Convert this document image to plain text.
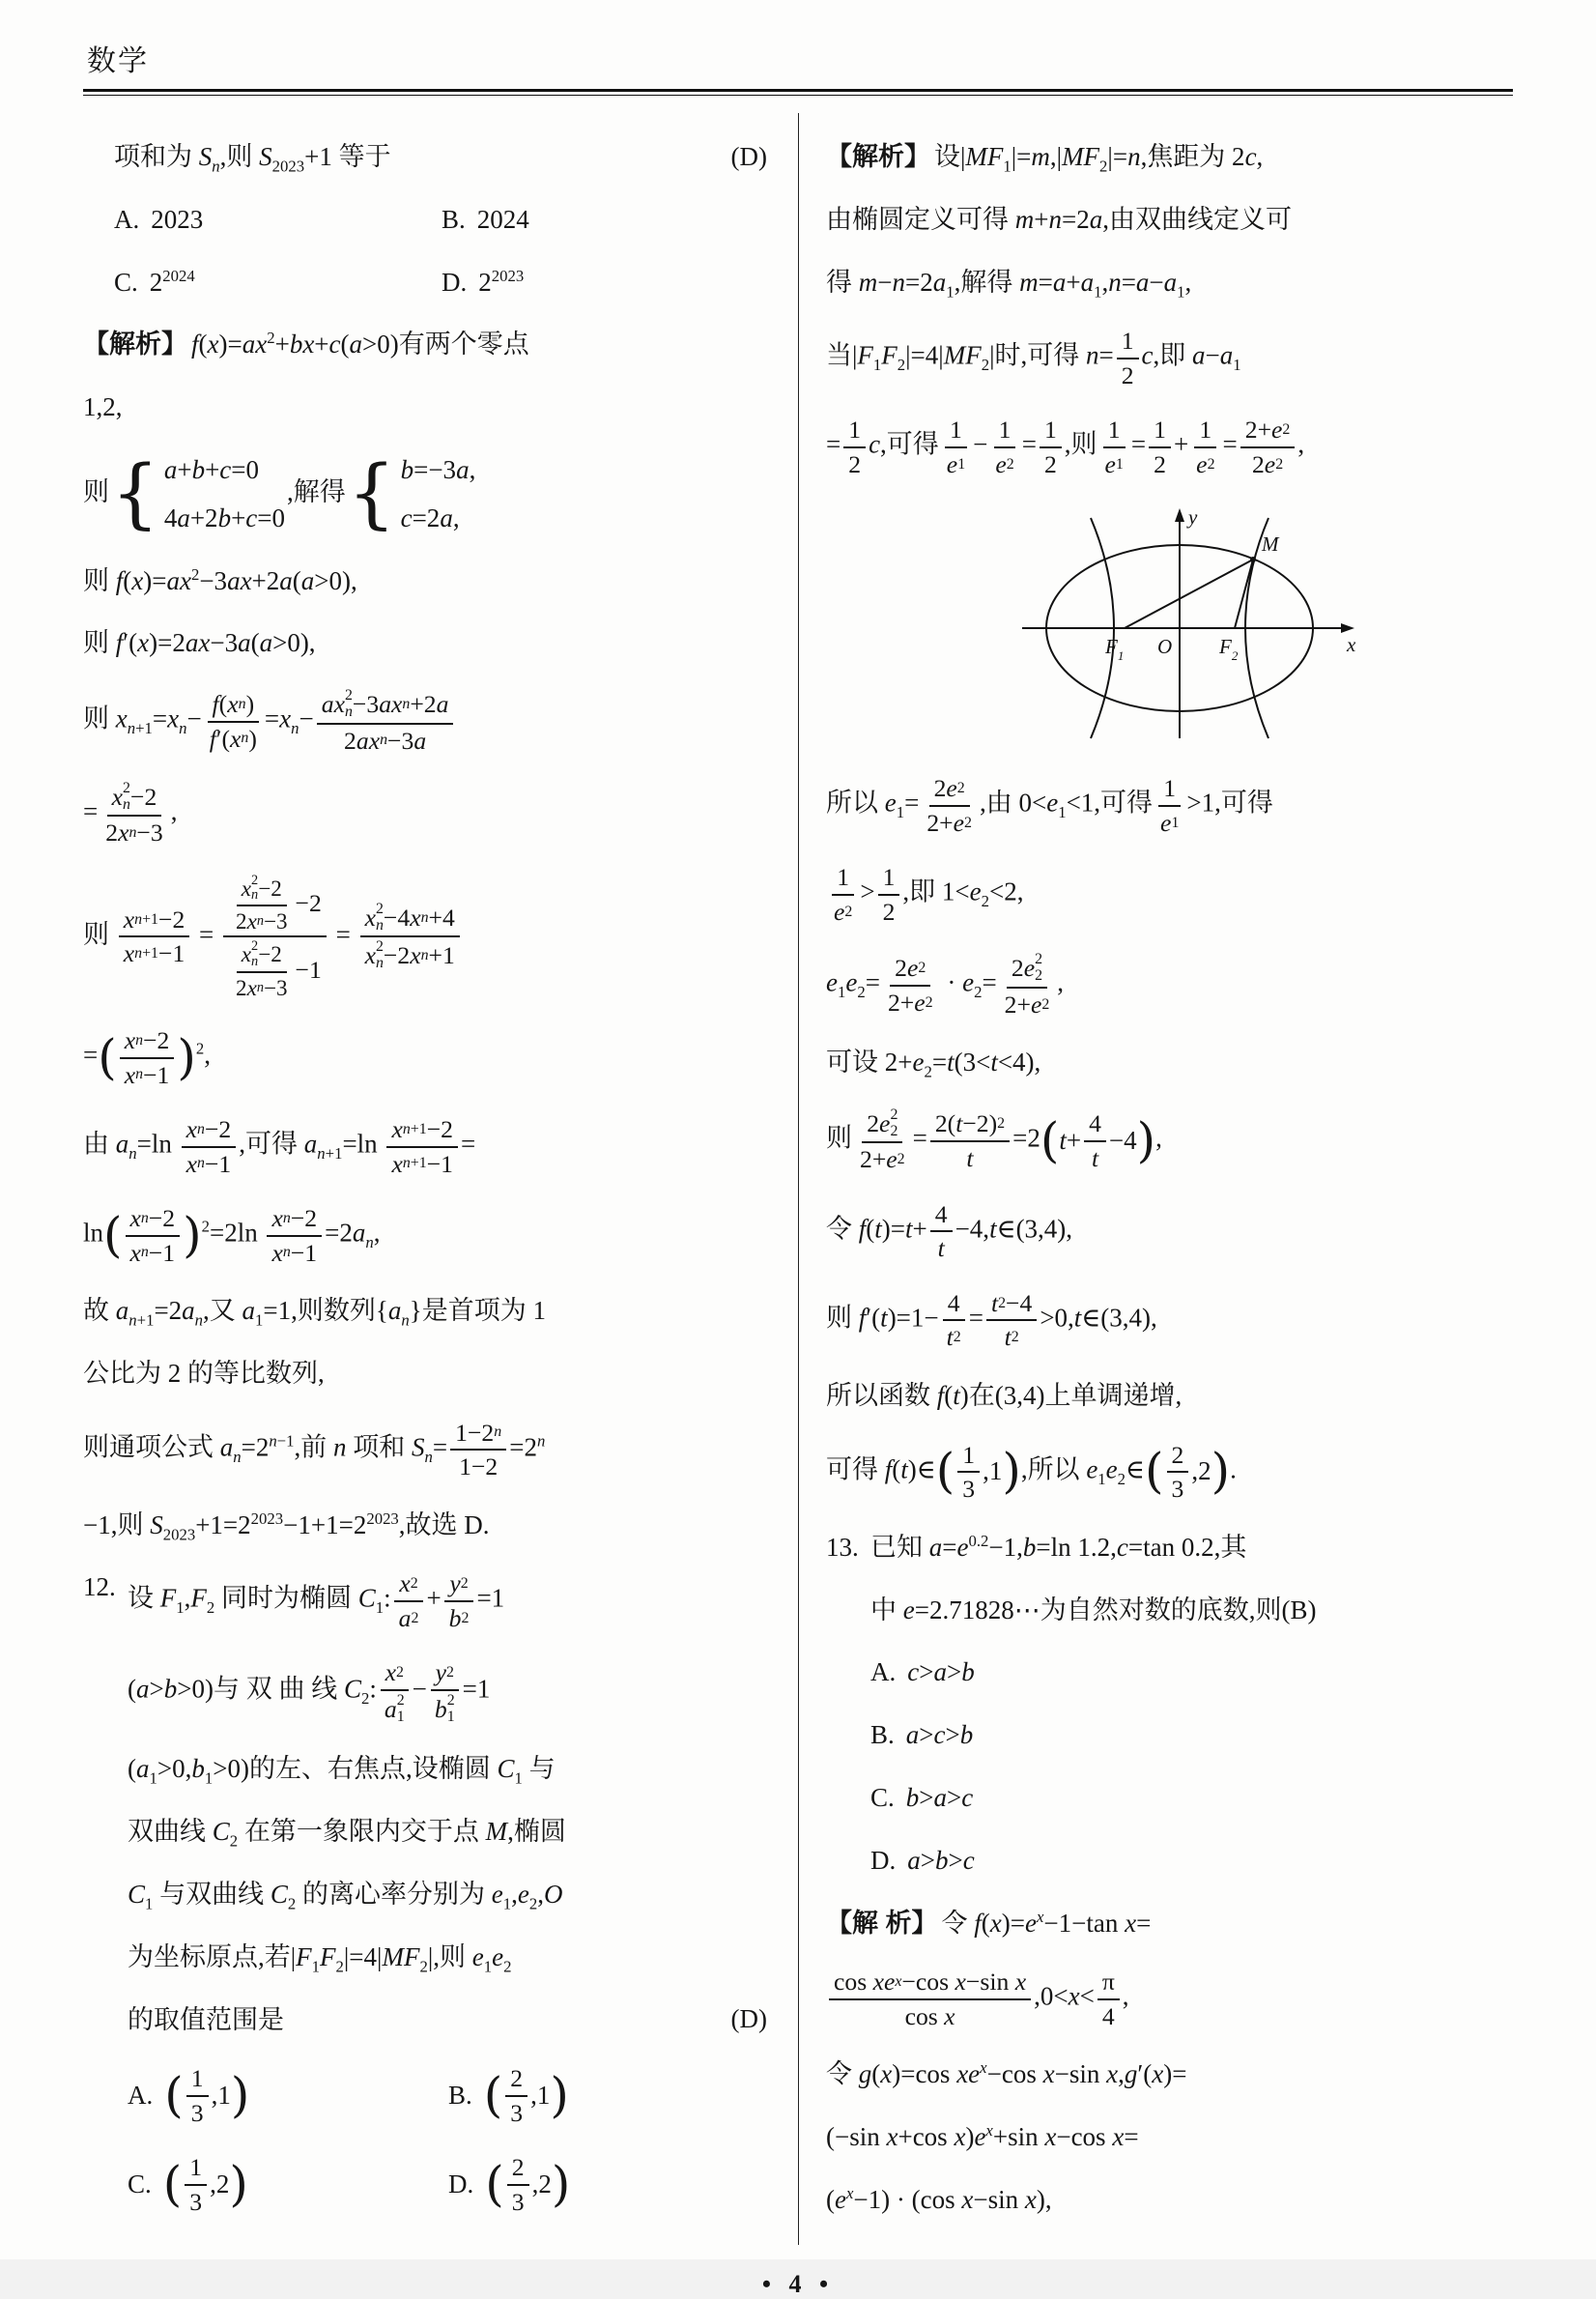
数学
项和为 $S_n$,则 $S_{2023}+1$ 等于	(D)
A. 2023	B. 2024
C. $2^{2024}$	D. $2^{2023}$
【解析】 $f(x)=ax^2+bx+c(a>0)$有两个零点
1,2,
则 { a+b+c=0
4a+2b+c=0
,解得 { b=−3a,
c=2a,
则 $f(x)=ax^2-3ax+2a(a>0)$,
则 f′(x)=2ax−3a(a>0),
则 $x_{n+1}=x_n- \frac{\text{f(x n )}}{\text{f′(x n )}} =x_n-$
ax 2
n −3ax n +2a
2ax n −3a
= x 2
n −2
2x n −3 ,
则 $\frac{\text{x n+1 −2}}{\text{x n+1 −1}} = x$ 2
n −2
2x n −3
−2
x 2
n −2
2x n −3
−1 = x 2
n −4x n +4
x 2
n −2x n +1
= ( x n −2
x n −1 ) $^2$,
由 $a_n=\ln \frac{\text{x n −2}}{\text{x n −1}}$ ,可得 $a_{n+1}=\ln \frac{\text{x n+1 −2}}{\text{x n+1 −1}}$ =
ln ( x n −2
x n −1 ) $^2=2\ln \frac{\text{x n −2}}{\text{x n −1}} =2a_n$,
故 $a_{n+1}=2a_n$,又 $a_1=1$,则数列$\{a_n\}$是首项为 1
公比为 2 的等比数列,
则通项公式 $a_n=2^{n-1}$,前 n 项和 $S_n= \frac{1-2 n}{1-2} =2^n$
−1,则 $S_{2023}+1=2^{2023}-1+1=2^{2023}$,故选 D.
12. 设 $F_1,F_2$ 同时为椭圆 $C_1$: $\frac{x 2}{a 2} + \frac{y 2}{b 2} =1$
(a>b>0)与 双 曲 线 $C_2$: x 2
a 2
1 − y 2
b 2
1 =1
$(a_1>0,b_1>0)$的左、右焦点,设椭圆 $C_1$ 与
双曲线 $C_2$ 在第一象限内交于点 M,椭圆
$C_1$ 与双曲线 $C_2$ 的离心率分别为 $e_1,e_2,O$
为坐标原点,若$|F_1F_2|=4|MF_2|$,则 $e_1e_2$
的取值范围是	(D)
A. ( 1
3
,1 )	B. ( 2
3
,1 )
C. ( 1
3
,2 )	D. ( 2
3
,2 )
【解析】 设$|MF_1|=m,|MF_2|=n$,焦距为 2c,
由椭圆定义可得 m+n=2a,由双曲线定义可
得 $m-n=2a_1$,解得 $m=a+a_1,n=a-a_1$,
当$|F_1F_2|=4|MF_2|$时,可得 $n= \frac{1}{2} c$,即 $a-a_1$
= $\frac{1}{2} c$,可得 $\frac{1}{e 1} - \frac{1}{e 2} = \frac{1}{2}$ ,则 $\frac{1}{e 1} = \frac{1}{2} + \frac{1}{e 2} = \frac{2+e 2}{2e 2}$ ,
y
x
M
$F_1$ O $F_2$
所以 $e_1= \frac{2e 2}{2+e 2}$ ,由 $0<e_1<1$,可得 $\frac{1}{e 1} >1$,可得
$\frac{1}{e 2} > \frac{1}{2}$ ,即 $1<e_2<2$,
$e_1e_2= \frac{2e 2}{2+e 2} \cdot e_2= 2e$ 2
2
2+e 2 ,
可设 $2+e_2=t(3<t<4)$,
则 2e 2
2
2+e $2 = \frac{2(t-2) 2}{t} =2$ ( $t+ \frac{4}{t} -4$ ) ,
令 $f(t)=t+ \frac{4}{t}$ −4,t∈(3,4),
则 $f'(t)=1- \frac{4}{t 2} = \frac{t 2 -4}{t 2}$ >0,t∈(3,4),
所以函数 f(t)在(3,4)上单调递增,
可得 f(t)∈ ( 1
3
,1 ) ,所以 $e_1e_2\in$ ( 2
3
,2 ) .
13. 已知 $a=e^{0.2}-1,b=\ln$ 1.2,c=tan 0.2,其
中 e=2.71828⋯为自然对数的底数,则(B)
A. c>a>b
B. a>c>b
C. b>a>c
D. a>b>c
【解 析】 令 $f(x)=e^x-1-\tan$ x=
cos xe x −cos x−sin x
cos x
$,0<x< \frac{\pi}{4}$ ,
令 g(x)=cos $xe^x-\cos$ x−sin x,g′(x)=
(−sin x+cos $x)e^x+\sin$ x−cos x=
$(e^x-1) \cdot (\cos$ x−sin x),
• 4 •
